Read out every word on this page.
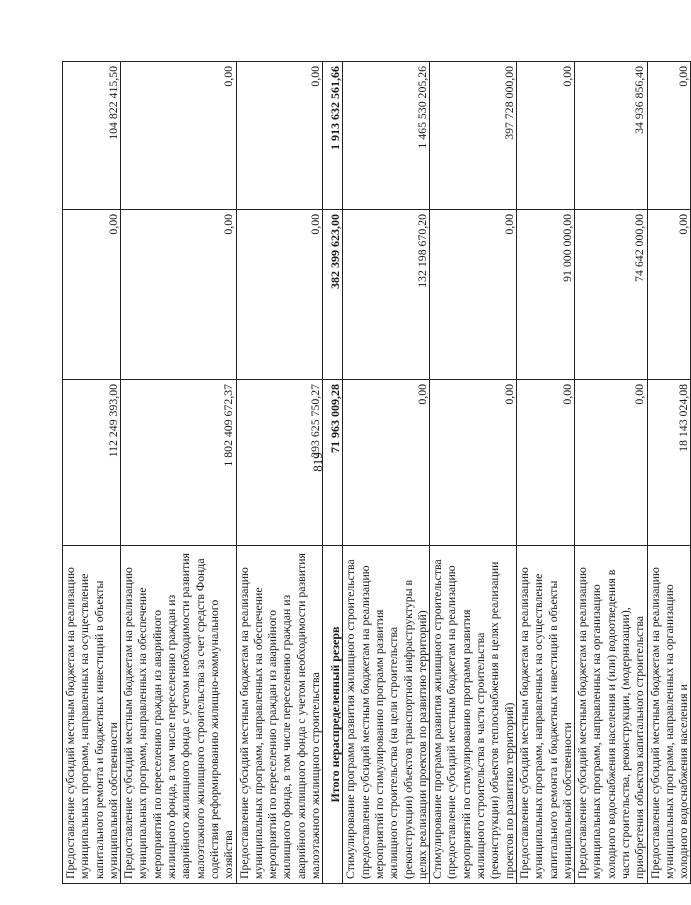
819
Предоставление субсидий местным бюджетам на реализацию муниципальных программ, направленных на осуществление капитального ремонта и бюджетных инвестиций в объекты муниципальной собственности	112 249 393,00	0,00	104 822 415,50
Предоставление субсидий местным бюджетам на реализацию муниципальных программ, направленных на обеспечение мероприятий по переселению граждан из аварийного жилищного фонда, в том числе переселению граждан из аварийного жилищного фонда с учетом необходимости развития малоэтажного жилищного строительства за счет средств Фонда содействия реформированию жилищно-коммунального хозяйства	1 802 409 672,37	0,00	0,00
Предоставление субсидий местным бюджетам на реализацию муниципальных программ, направленных на обеспечение мероприятий по переселению граждан из аварийного жилищного фонда, в том числе переселению граждан из аварийного жилищного фонда с учетом необходимости развития малоэтажного жилищного строительства	293 625 750,27	0,00	0,00
Итого нераспределенный резерв	71 963 009,28	382 399 623,00	1 913 632 561,66
Стимулирование программ развития жилищного строительства (предоставление субсидий местным бюджетам на реализацию мероприятий по стимулированию программ развития жилищного строительства (на цели строительства (реконструкции) объектов транспортной инфраструктуры в целях реализации проектов по развитию территорий)	0,00	132 198 670,20	1 465 530 205,26
Стимулирование программ развития жилищного строительства (предоставление субсидий местным бюджетам на реализацию мероприятий по стимулированию программ развития жилищного строительства в части строительства (реконструкции) объектов теплоснабжения в целях реализации проектов по развитию территорий)	0,00	0,00	397 728 000,00
Предоставление субсидий местным бюджетам на реализацию муниципальных программ, направленных на осуществление капитального ремонта и бюджетных инвестиций в объекты муниципальной собственности	0,00	91 000 000,00	0,00
Предоставление субсидий местным бюджетам на реализацию муниципальных программ, направленных на организацию холодного водоснабжения населения и (или) водоотведения в части строительства, реконструкции, (модернизации), приобретения объектов капитального строительства	0,00	74 642 000,00	34 936 856,40
Предоставление субсидий местным бюджетам на реализацию муниципальных программ, направленных на организацию холодного водоснабжения населения и	18 143 024,08	0,00	0,00
